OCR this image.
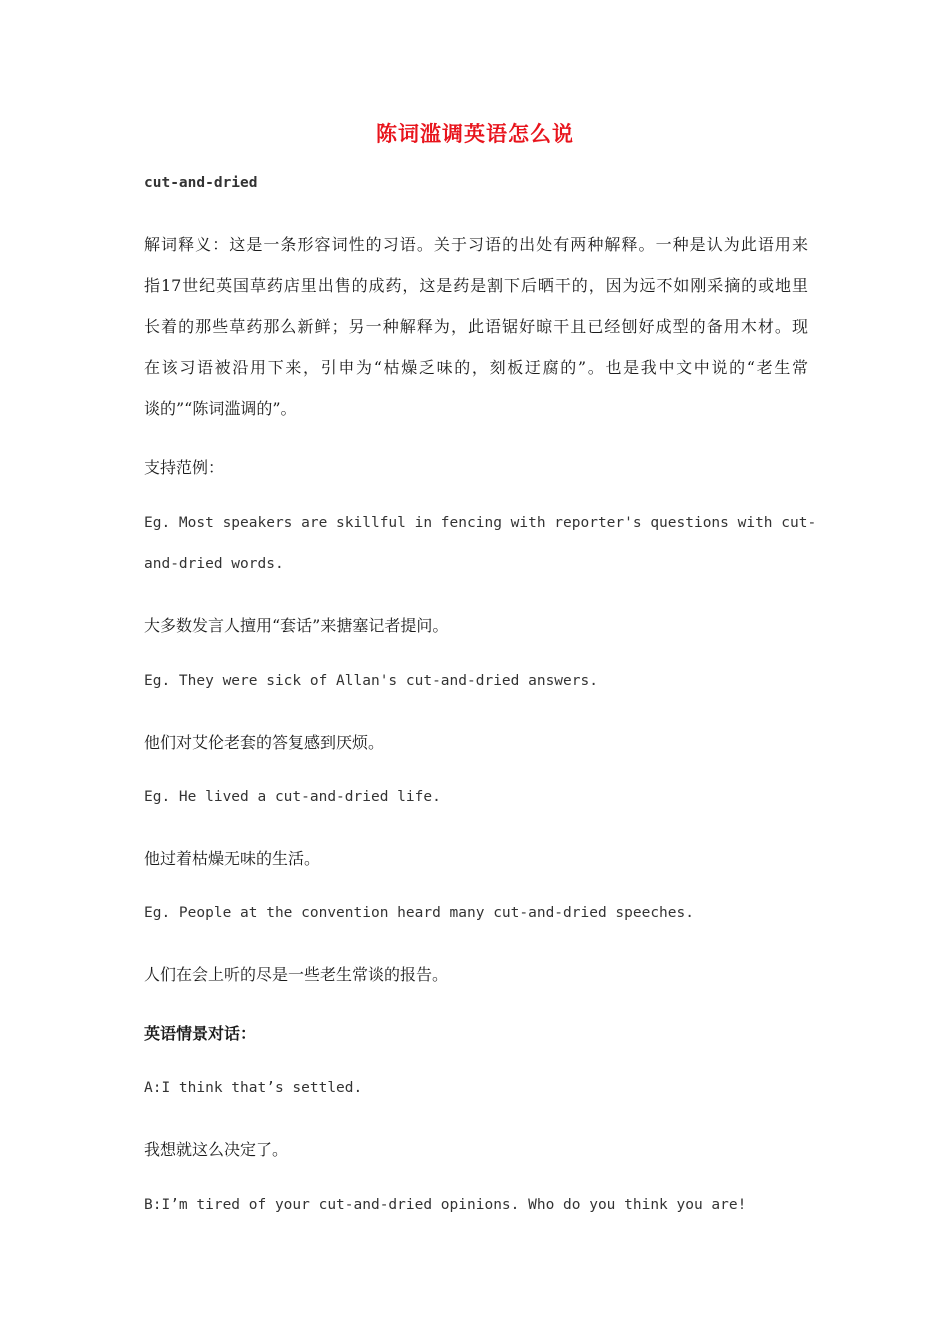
陈词滥调英语怎么说
cut-and-dried
解词释义：这是一条形容词性的习语。关于习语的出处有两种解释。一种是认为此语用来
指17世纪英国草药店里出售的成药，这是药是割下后晒干的，因为远不如刚采摘的或地里
长着的那些草药那么新鲜；另一种解释为，此语锯好晾干且已经刨好成型的备用木材。现
在该习语被沿用下来，引申为“枯燥乏味的，刻板迂腐的”。也是我中文中说的“老生常
谈的”“陈词滥调的”。
支持范例：
Eg. Most speakers are skillful in fencing with reporter's questions with cut-
and-dried words.
大多数发言人擅用“套话”来搪塞记者提问。
Eg. They were sick of Allan's cut-and-dried answers.
他们对艾伦老套的答复感到厌烦。
Eg. He lived a cut-and-dried life.
他过着枯燥无味的生活。
Eg. People at the convention heard many cut-and-dried speeches.
人们在会上听的尽是一些老生常谈的报告。
英语情景对话：
A:I think that’s settled.
我想就这么决定了。
B:I’m tired of your cut-and-dried opinions. Who do you think you are!
